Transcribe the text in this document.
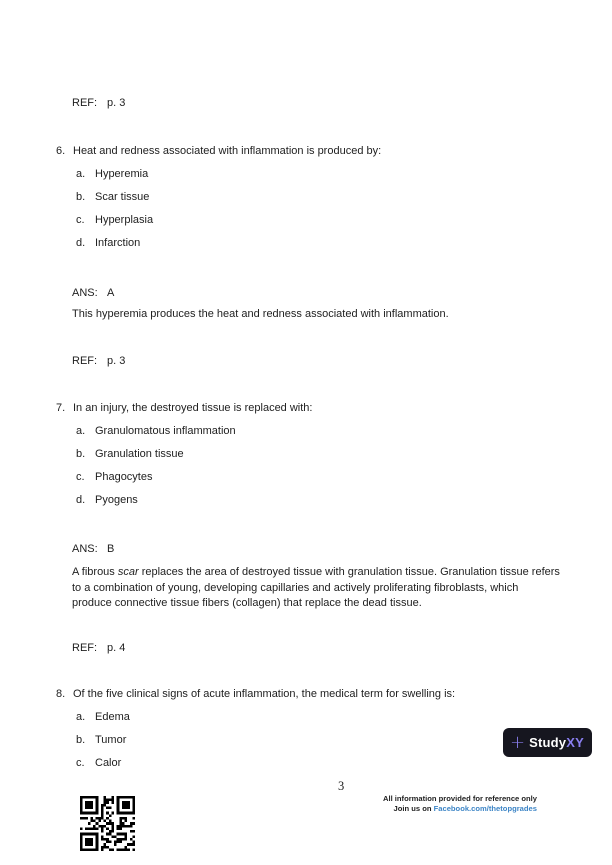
REF: p. 3
6. Heat and redness associated with inflammation is produced by:
a. Hyperemia
b. Scar tissue
c. Hyperplasia
d. Infarction
ANS: A
This hyperemia produces the heat and redness associated with inflammation.
REF: p. 3
7. In an injury, the destroyed tissue is replaced with:
a. Granulomatous inflammation
b. Granulation tissue
c. Phagocytes
d. Pyogens
ANS: B
A fibrous scar replaces the area of destroyed tissue with granulation tissue. Granulation tissue refers
to a combination of young, developing capillaries and actively proliferating fibroblasts, which
produce connective tissue fibers (collagen) that replace the dead tissue.
REF: p. 4
8. Of the five clinical signs of acute inflammation, the medical term for swelling is:
a. Edema
b. Tumor
c. Calor
+ Study XY
3
All information provided for reference only
Join us on Facebook.com/thetopgrades
